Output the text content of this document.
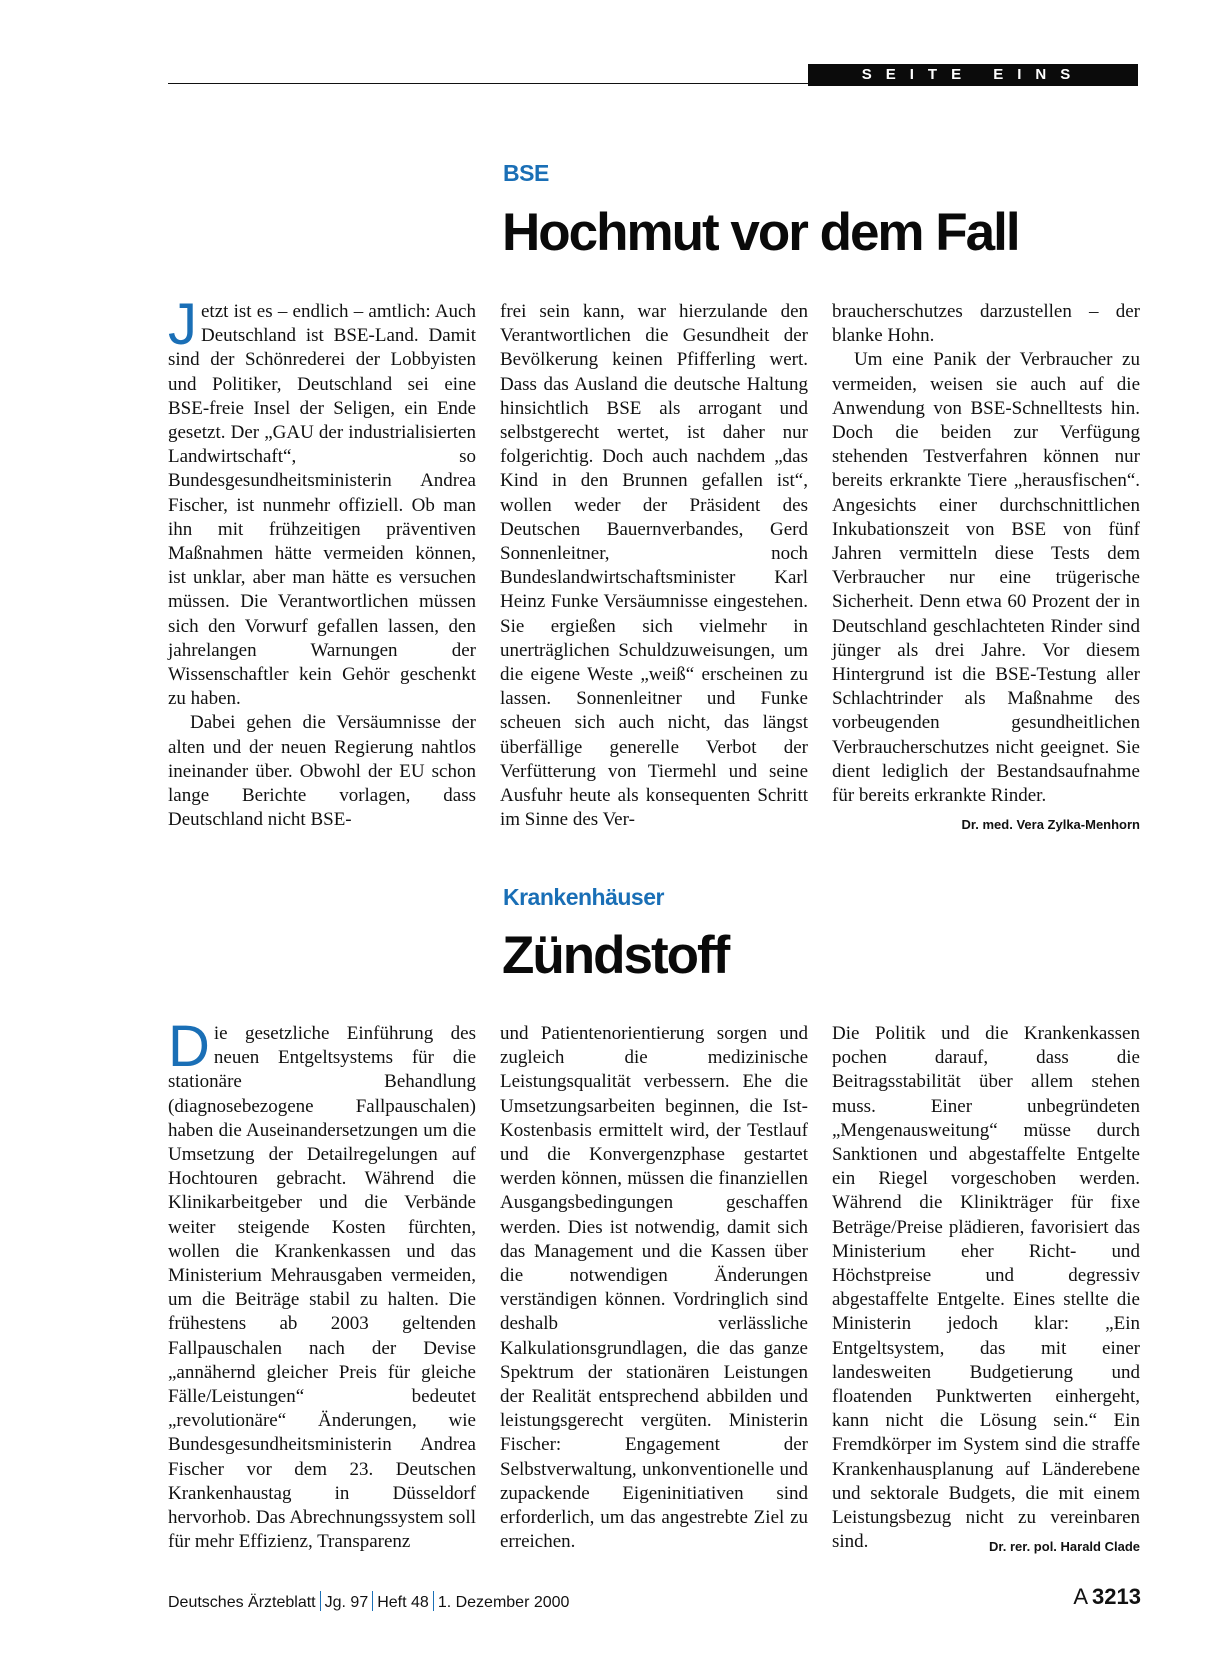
SEITE EINS
BSE
Hochmut vor dem Fall

Jetzt ist es – endlich – amtlich: Auch Deutschland ist BSE-Land. Damit sind der Schönrederei der Lobbyisten und Politiker, Deutschland sei eine BSE-freie Insel der Seligen, ein Ende gesetzt. Der „GAU der industrialisierten Landwirtschaft“, so Bundesgesundheitsministerin Andrea Fischer, ist nunmehr offiziell. Ob man ihn mit frühzeitigen präventiven Maßnahmen hätte vermeiden können, ist unklar, aber man hätte es versuchen müssen. Die Verantwortlichen müssen sich den Vorwurf gefallen lassen, den jahrelangen Warnungen der Wissenschaftler kein Gehör geschenkt zu haben.

Dabei gehen die Versäumnisse der alten und der neuen Regierung nahtlos ineinander über. Obwohl der EU schon lange Berichte vorlagen, dass Deutschland nicht BSE-

frei sein kann, war hierzulande den Verantwortlichen die Gesundheit der Bevölkerung keinen Pfifferling wert. Dass das Ausland die deutsche Haltung hinsichtlich BSE als arrogant und selbstgerecht wertet, ist daher nur folgerichtig. Doch auch nachdem „das Kind in den Brunnen gefallen ist“, wollen weder der Präsident des Deutschen Bauernverbandes, Gerd Sonnenleitner, noch Bundeslandwirtschaftsminister Karl Heinz Funke Versäumnisse eingestehen. Sie ergießen sich vielmehr in unerträglichen Schuldzuweisungen, um die eigene Weste „weiß“ erscheinen zu lassen. Sonnenleitner und Funke scheuen sich auch nicht, das längst überfällige generelle Verbot der Verfütterung von Tiermehl und seine Ausfuhr heute als konsequenten Schritt im Sinne des Ver-

braucherschutzes darzustellen – der blanke Hohn.

Um eine Panik der Verbraucher zu vermeiden, weisen sie auch auf die Anwendung von BSE-Schnelltests hin. Doch die beiden zur Verfügung stehenden Testverfahren können nur bereits erkrankte Tiere „herausfischen“. Angesichts einer durchschnittlichen Inkubationszeit von BSE von fünf Jahren vermitteln diese Tests dem Verbraucher nur eine trügerische Sicherheit. Denn etwa 60 Prozent der in Deutschland geschlachteten Rinder sind jünger als drei Jahre. Vor diesem Hintergrund ist die BSE-Testung aller Schlachtrinder als Maßnahme des vorbeugenden gesundheitlichen Verbraucherschutzes nicht geeignet. Sie dient lediglich der Bestandsaufnahme für bereits erkrankte Rinder.
Dr. med. Vera Zylka-Menhorn

Krankenhäuser
Zündstoff

Die gesetzliche Einführung des neuen Entgeltsystems für die stationäre Behandlung (diagnosebezogene Fallpauschalen) haben die Auseinandersetzungen um die Umsetzung der Detailregelungen auf Hochtouren gebracht. Während die Klinikarbeitgeber und die Verbände weiter steigende Kosten fürchten, wollen die Krankenkassen und das Ministerium Mehrausgaben vermeiden, um die Beiträge stabil zu halten. Die frühestens ab 2003 geltenden Fallpauschalen nach der Devise „annähernd gleicher Preis für gleiche Fälle/Leistungen“ bedeutet „revolutionäre“ Änderungen, wie Bundesgesundheitsministerin Andrea Fischer vor dem 23. Deutschen Krankenhaustag in Düsseldorf hervorhob. Das Abrechnungssystem soll für mehr Effizienz, Transparenz

und Patientenorientierung sorgen und zugleich die medizinische Leistungsqualität verbessern. Ehe die Umsetzungsarbeiten beginnen, die Ist-Kostenbasis ermittelt wird, der Testlauf und die Konvergenzphase gestartet werden können, müssen die finanziellen Ausgangsbedingungen geschaffen werden. Dies ist notwendig, damit sich das Management und die Kassen über die notwendigen Änderungen verständigen können. Vordringlich sind deshalb verlässliche Kalkulationsgrundlagen, die das ganze Spektrum der stationären Leistungen der Realität entsprechend abbilden und leistungsgerecht vergüten. Ministerin Fischer: Engagement der Selbstverwaltung, unkonventionelle und zupackende Eigeninitiativen sind erforderlich, um das angestrebte Ziel zu erreichen.

Die Politik und die Krankenkassen pochen darauf, dass die Beitragsstabilität über allem stehen muss. Einer unbegründeten „Mengenausweitung“ müsse durch Sanktionen und abgestaffelte Entgelte ein Riegel vorgeschoben werden. Während die Klinikträger für fixe Beträge/Preise plädieren, favorisiert das Ministerium eher Richt- und Höchstpreise und degressiv abgestaffelte Entgelte. Eines stellte die Ministerin jedoch klar: „Ein Entgeltsystem, das mit einer landesweiten Budgetierung und floatenden Punktwerten einhergeht, kann nicht die Lösung sein.“ Ein Fremdkörper im System sind die straffe Krankenhausplanung auf Länderebene und sektorale Budgets, die mit einem Leistungsbezug nicht zu vereinbaren sind.	Dr. rer. pol. Harald Clade

Deutsches Ärzteblatt Jg. 97 Heft 48 1. Dezember 2000	A 3213
